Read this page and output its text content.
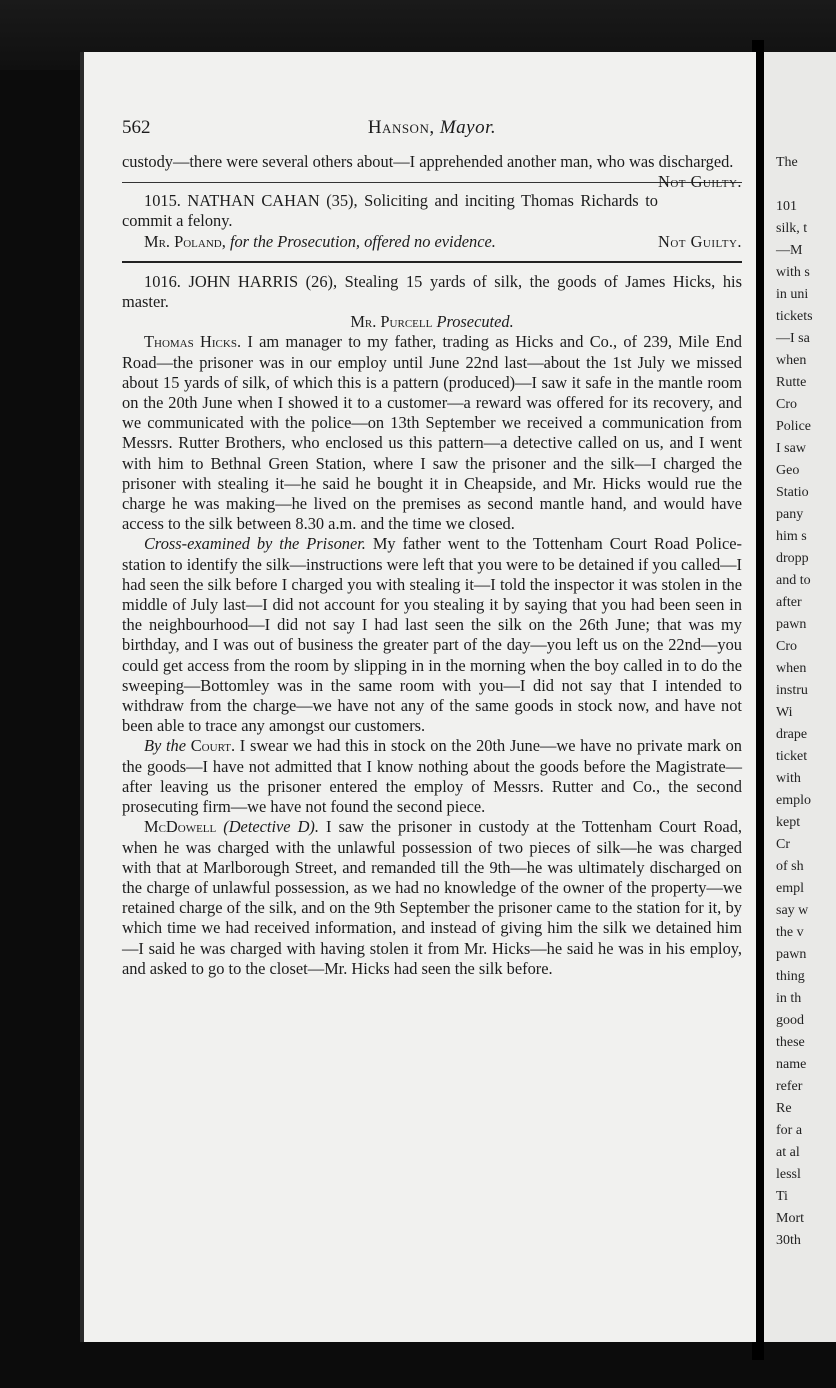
562	Hanson, Mayor.

custody—there were several others about—I apprehended another man, who was discharged.
Not Guilty.

1015. NATHAN CAHAN (35), Soliciting and inciting Thomas Richards to commit a felony.

Mr. Poland, for the Prosecution, offered no evidence.	Not Guilty.

1016. JOHN HARRIS (26), Stealing 15 yards of silk, the goods of James Hicks, his master.

Mr. Purcell Prosecuted.

Thomas Hicks. I am manager to my father, trading as Hicks and Co., of 239, Mile End Road—the prisoner was in our employ until June 22nd last—about the 1st July we missed about 15 yards of silk, of which this is a pattern (produced)—I saw it safe in the mantle room on the 20th June when I showed it to a customer—a reward was offered for its recovery, and we communicated with the police—on 13th September we received a communication from Messrs. Rutter Brothers, who enclosed us this pattern—a detective called on us, and I went with him to Bethnal Green Station, where I saw the prisoner and the silk—I charged the prisoner with stealing it—he said he bought it in Cheapside, and Mr. Hicks would rue the charge he was making—he lived on the premises as second mantle hand, and would have access to the silk between 8.30 a.m. and the time we closed.

Cross-examined by the Prisoner. My father went to the Tottenham Court Road Police-station to identify the silk—instructions were left that you were to be detained if you called—I had seen the silk before I charged you with stealing it—I told the inspector it was stolen in the middle of July last—I did not account for you stealing it by saying that you had been seen in the neighbourhood—I did not say I had last seen the silk on the 26th June; that was my birthday, and I was out of business the greater part of the day—you left us on the 22nd—you could get access from the room by slipping in in the morning when the boy called in to do the sweeping—Bottomley was in the same room with you—I did not say that I intended to withdraw from the charge—we have not any of the same goods in stock now, and have not been able to trace any amongst our customers.

By the Court. I swear we had this in stock on the 20th June—we have no private mark on the goods—I have not admitted that I know nothing about the goods before the Magistrate—after leaving us the prisoner entered the employ of Messrs. Rutter and Co., the second prosecuting firm—we have not found the second piece.

McDowell (Detective D). I saw the prisoner in custody at the Tottenham Court Road, when he was charged with the unlawful possession of two pieces of silk—he was charged with that at Marlborough Street, and remanded till the 9th—he was ultimately discharged on the charge of unlawful possession, as we had no knowledge of the owner of the property—we retained charge of the silk, and on the 9th September the prisoner came to the station for it, by which time we had received information, and instead of giving him the silk we detained him—I said he was charged with having stolen it from Mr. Hicks—he said he was in his employ, and asked to go to the closet—Mr. Hicks had seen the silk before.

The
101
silk, t
—M
with s
in uni
tickets
—I sa
when
Rutte
Cro
Police
I saw
Geo
Statio
pany
him s
dropp
and to
after
pawn
Cro
when
instru
Wi
drape
ticket
with
emplo
kept
Cr
of sh
empl
say w
the v
pawn
thing
in th
good
these
name
refer
Re
for a
at al
lessl
Ti
Mort
30th
